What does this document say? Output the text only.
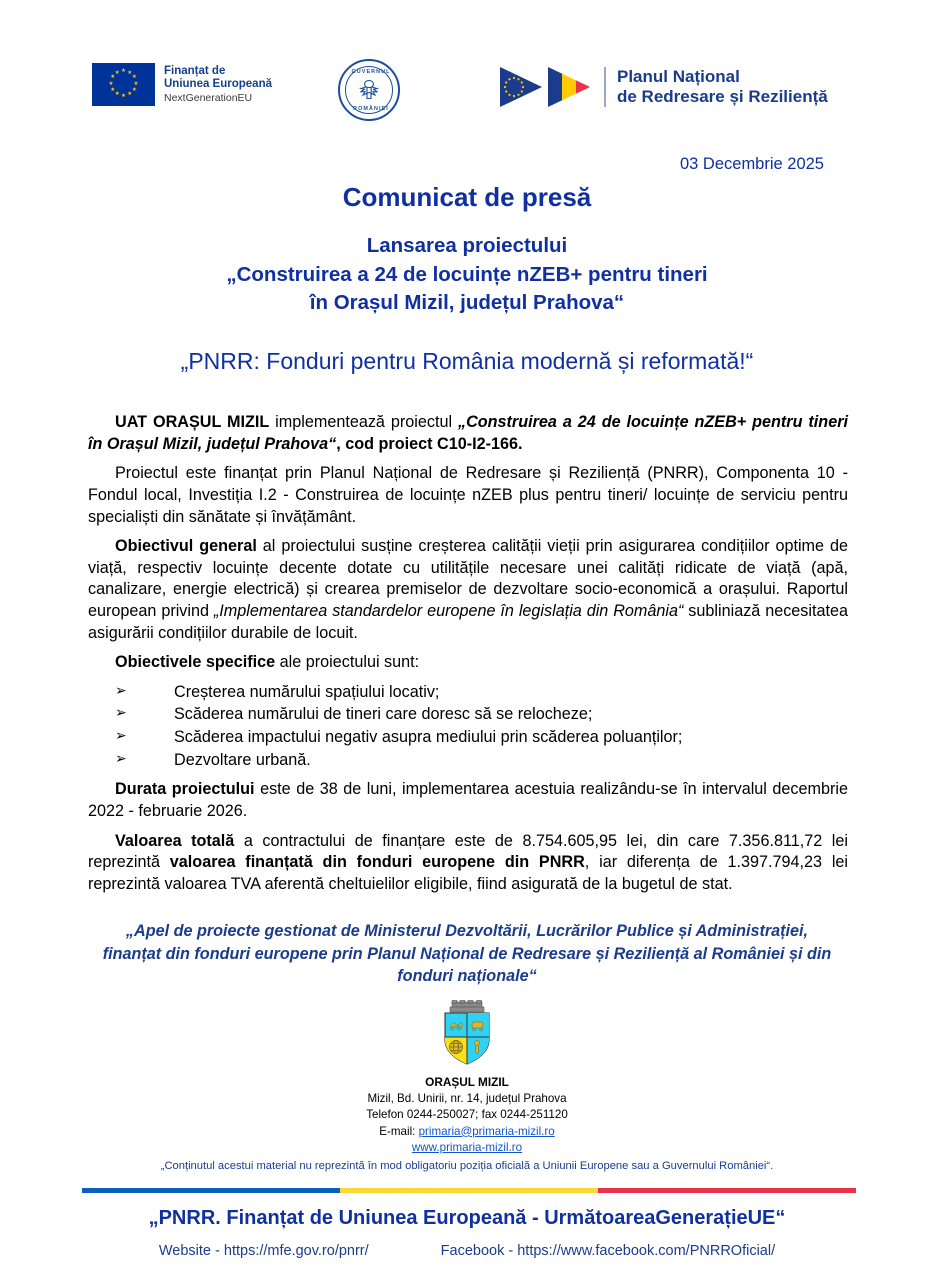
★ ★
★
★
★
★
★
★
★
★
★
★	Finanțat de
Uniunea Europeană
NextGenerationEU
GUVERNUL
ROMÂNIEI
Planul Național
de Redresare și Reziliență
03 Decembrie 2025
Comunicat de presă
Lansarea proiectului
„Construirea a 24 de locuințe nZEB+ pentru tineri
în Orașul Mizil, județul Prahova“
„PNRR: Fonduri pentru România modernă și reformată!“

UAT ORAȘUL MIZIL implementează proiectul „Construirea a 24 de locuințe nZEB+ pentru tineri în Orașul Mizil, județul Prahova“, cod proiect C10-I2-166.

Proiectul este finanțat prin Planul Național de Redresare și Reziliență (PNRR), Componenta 10 - Fondul local, Investiția I.2 - Construirea de locuințe nZEB plus pentru tineri/ locuințe de serviciu pentru specialiști din sănătate și învățământ.

Obiectivul general al proiectului susține creșterea calității vieții prin asigurarea condițiilor optime de viață, respectiv locuințe decente dotate cu utilitățile necesare unei calități ridicate de viață (apă, canalizare, energie electrică) și crearea premiselor de dezvoltare socio-economică a orașului. Raportul european privind „Implementarea standardelor europene în legislația din România“ subliniază necesitatea asigurării condițiilor durabile de locuit.

Obiectivele specifice ale proiectului sunt:

➢	Creșterea numărului spațiului locativ;
➢	Scăderea numărului de tineri care doresc să se relocheze;
➢	Scăderea impactului negativ asupra mediului prin scăderea poluanților;
➢	Dezvoltare urbană.

Durata proiectului este de 38 de luni, implementarea acestuia realizându-se în intervalul decembrie 2022 - februarie 2026.

Valoarea totală a contractului de finanțare este de 8.754.605,95 lei, din care 7.356.811,72 lei reprezintă valoarea finanțată din fonduri europene din PNRR, iar diferența de 1.397.794,23 lei reprezintă valoarea TVA aferentă cheltuielilor eligibile, fiind asigurată de la bugetul de stat.

„Apel de proiecte gestionat de Ministerul Dezvoltării, Lucrărilor Publice și Administrației, finanțat din fonduri europene prin Planul Național de Redresare și Reziliență al României și din fonduri naționale“
ORAȘUL MIZIL
Mizil, Bd. Unirii, nr. 14, județul Prahova
Telefon 0244-250027; fax 0244-251120
E-mail: primaria@primaria-mizil.ro
www.primaria-mizil.ro
„Conținutul acestui material nu reprezintă în mod obligatoriu poziția oficială a Uniunii Europene sau a Guvernului României“.
„PNRR. Finanțat de Uniunea Europeană - UrmătoareaGenerațieUE“
Website - https://mfe.gov.ro/pnrr/	Facebook - https://www.facebook.com/PNRROficial/
